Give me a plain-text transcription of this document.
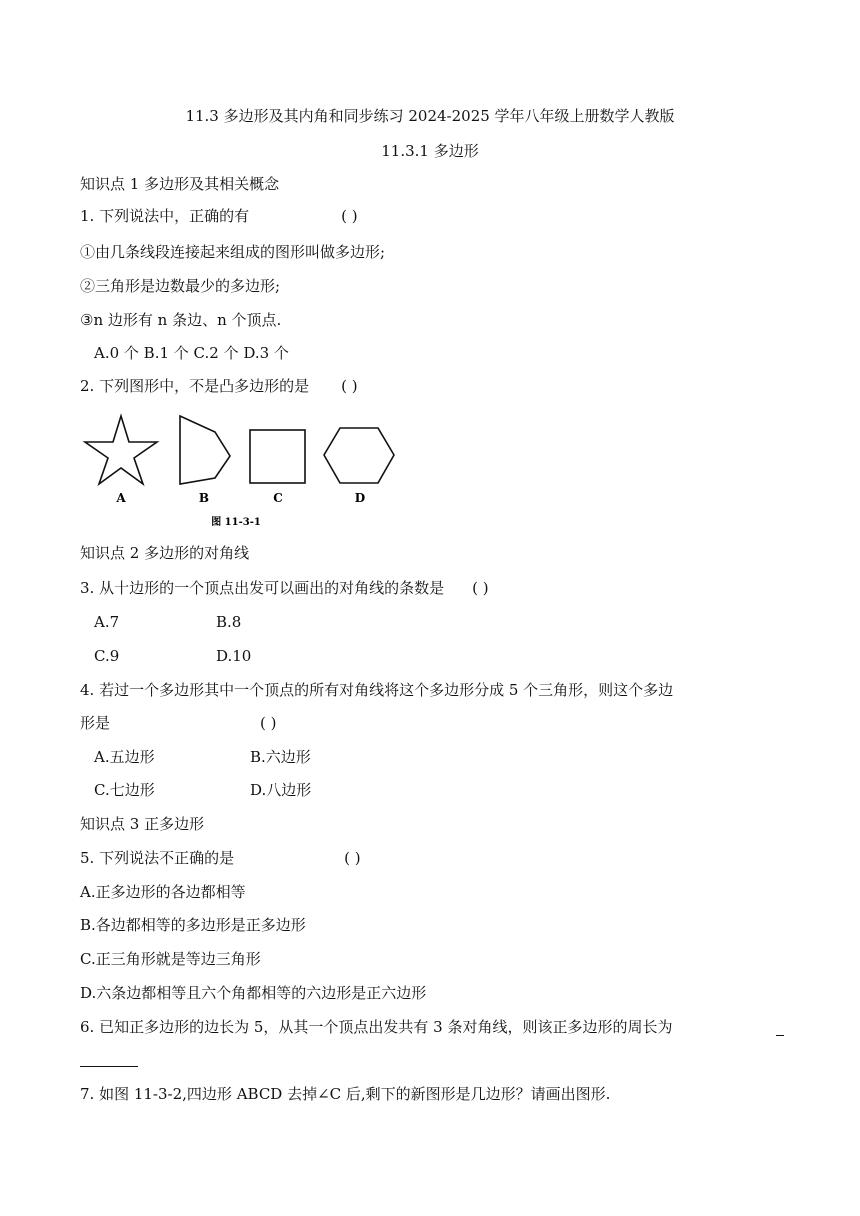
11.3 多边形及其内角和同步练习 2024-2025 学年八年级上册数学人教版
11.3.1 多边形
知识点 1 多边形及其相关概念
1. 下列说法中，正确的有	( )
①由几条线段连接起来组成的图形叫做多边形;
②三角形是边数最少的多边形;
③n 边形有 n 条边、n 个顶点.
A.0 个 B.1 个 C.2 个 D.3 个
2. 下列图形中，不是凸多边形的是 ( )
A	B	C	D
图 11-3-1
知识点 2 多边形的对角线
3. 从十边形的一个顶点出发可以画出的对角线的条数是 ( )
A.7	B.8
C.9	D.10
4. 若过一个多边形其中一个顶点的所有对角线将这个多边形分成 5 个三角形，则这个多边
形是	( )
A.五边形	B.六边形
C.七边形	D.八边形
知识点 3 正多边形
5. 下列说法不正确的是	( )
A.正多边形的各边都相等
B.各边都相等的多边形是正多边形
C.正三角形就是等边三角形
D.六条边都相等且六个角都相等的六边形是正六边形
6. 已知正多边形的边长为 5，从其一个顶点出发共有 3 条对角线，则该正多边形的周长为
7. 如图 11-3-2,四边形 ABCD 去掉∠C 后,剩下的新图形是几边形？请画出图形.
